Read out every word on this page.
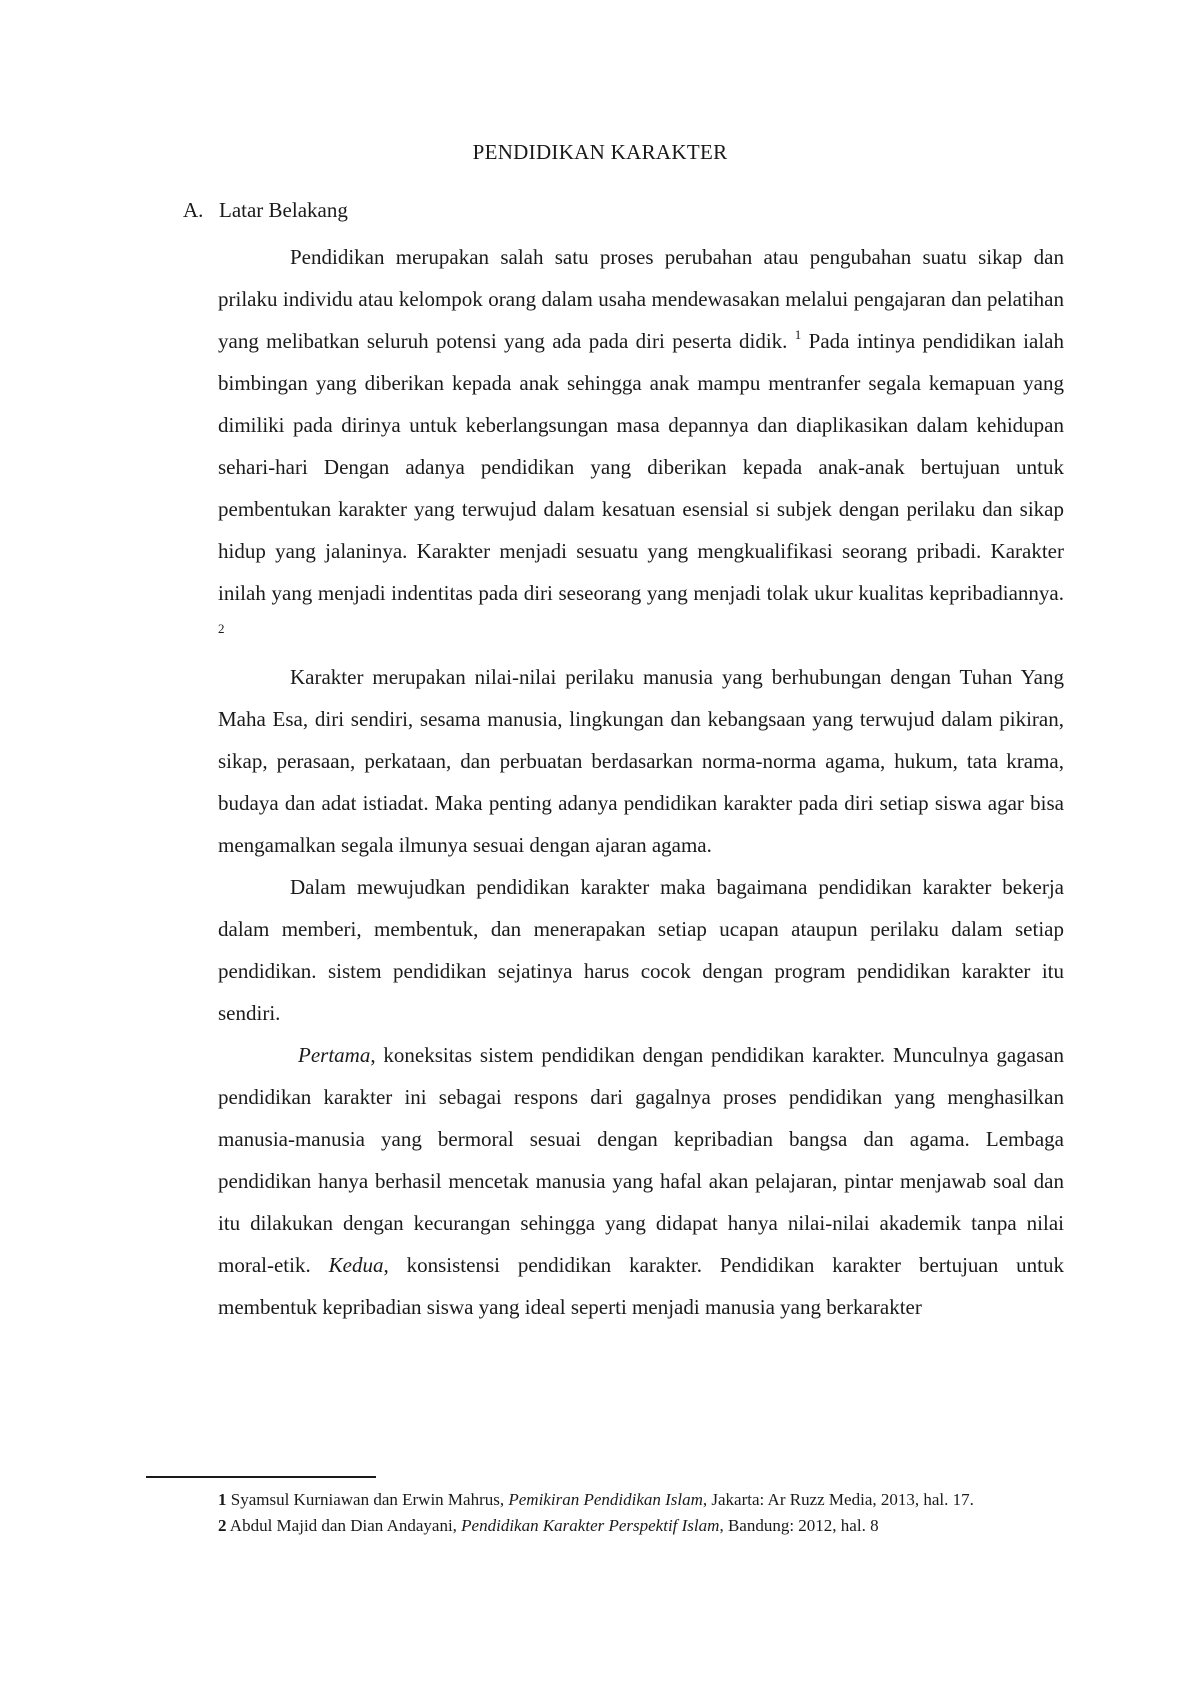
PENDIDIKAN KARAKTER
A. Latar Belakang

Pendidikan merupakan salah satu proses perubahan atau pengubahan suatu sikap dan prilaku individu atau kelompok orang dalam usaha mendewasakan melalui pengajaran dan pelatihan yang melibatkan seluruh potensi yang ada pada diri peserta didik. $^1$ Pada intinya pendidikan ialah bimbingan yang diberikan kepada anak sehingga anak mampu mentranfer segala kemapuan yang dimiliki pada dirinya untuk keberlangsungan masa depannya dan diaplikasikan dalam kehidupan sehari-hari Dengan adanya pendidikan yang diberikan kepada anak-anak bertujuan untuk pembentukan karakter yang terwujud dalam kesatuan esensial si subjek dengan perilaku dan sikap hidup yang jalaninya. Karakter menjadi sesuatu yang mengkualifikasi seorang pribadi. Karakter inilah yang menjadi indentitas pada diri seseorang yang menjadi tolak ukur kualitas kepribadiannya. $^2$

Karakter merupakan nilai-nilai perilaku manusia yang berhubungan dengan Tuhan Yang Maha Esa, diri sendiri, sesama manusia, lingkungan dan kebangsaan yang terwujud dalam pikiran, sikap, perasaan, perkataan, dan perbuatan berdasarkan norma-norma agama, hukum, tata krama, budaya dan adat istiadat. Maka penting adanya pendidikan karakter pada diri setiap siswa agar bisa mengamalkan segala ilmunya sesuai dengan ajaran agama.

Dalam mewujudkan pendidikan karakter maka bagaimana pendidikan karakter bekerja dalam memberi, membentuk, dan menerapakan setiap ucapan ataupun perilaku dalam setiap pendidikan. sistem pendidikan sejatinya harus cocok dengan program pendidikan karakter itu sendiri.

Pertama, koneksitas sistem pendidikan dengan pendidikan karakter. Munculnya gagasan pendidikan karakter ini sebagai respons dari gagalnya proses pendidikan yang menghasilkan manusia-manusia yang bermoral sesuai dengan kepribadian bangsa dan agama. Lembaga pendidikan hanya berhasil mencetak manusia yang hafal akan pelajaran, pintar menjawab soal dan itu dilakukan dengan kecurangan sehingga yang didapat hanya nilai-nilai akademik tanpa nilai moral-etik. Kedua, konsistensi pendidikan karakter. Pendidikan karakter bertujuan untuk membentuk kepribadian siswa yang ideal seperti menjadi manusia yang berkarakter

1 Syamsul Kurniawan dan Erwin Mahrus, Pemikiran Pendidikan Islam, Jakarta: Ar Ruzz Media, 2013, hal. 17.

2 Abdul Majid dan Dian Andayani, Pendidikan Karakter Perspektif Islam, Bandung: 2012, hal. 8
